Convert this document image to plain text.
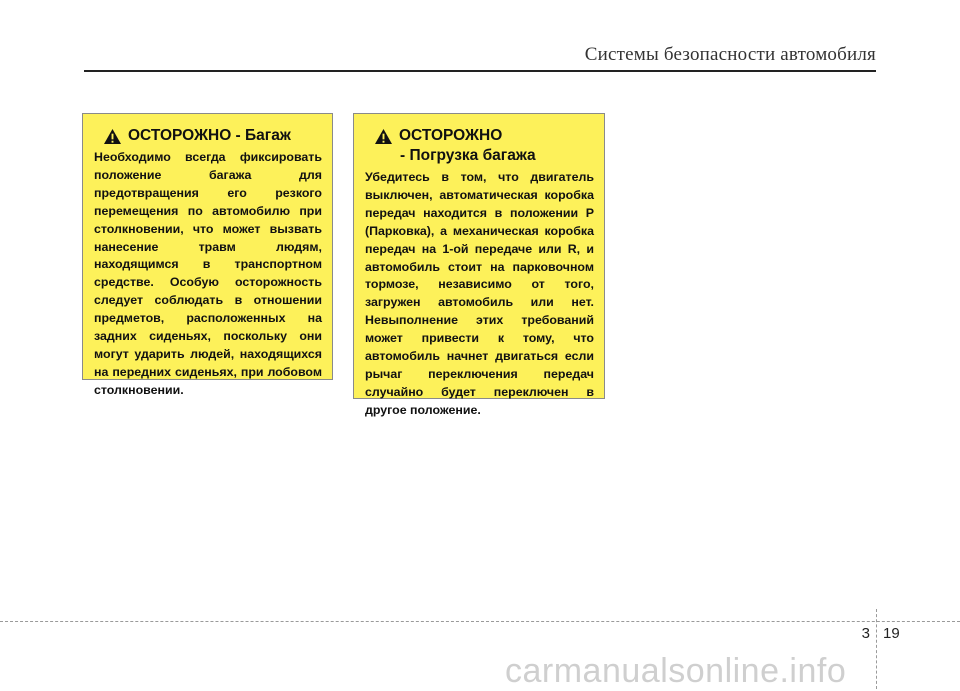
Системы безопасности автомобиля
ОСТОРОЖНО - Багаж
Необходимо всегда фиксировать положение багажа для предотвращения его резкого перемещения по автомобилю при столкновении, что может вызвать нанесение травм людям, находящимся в транспортном средстве. Особую осторожность следует соблюдать в отношении предметов, расположенных на задних сиденьях, поскольку они могут ударить людей, находящихся на передних сиденьях, при лобовом столкновении.
ОСТОРОЖНО
- Погрузка багажа
Убедитесь в том, что двигатель выключен, автоматическая коробка передач находится в положении P (Парковка), а механическая коробка передач на 1-ой передаче или R, и автомобиль стоит на парковочном тормозе, независимо от того, загружен автомобиль или нет. Невыполнение этих требований может привести к тому, что автомобиль начнет двигаться если рычаг переключения передач случайно будет переключен в другое положение.
3 19
carmanualsonline.info
